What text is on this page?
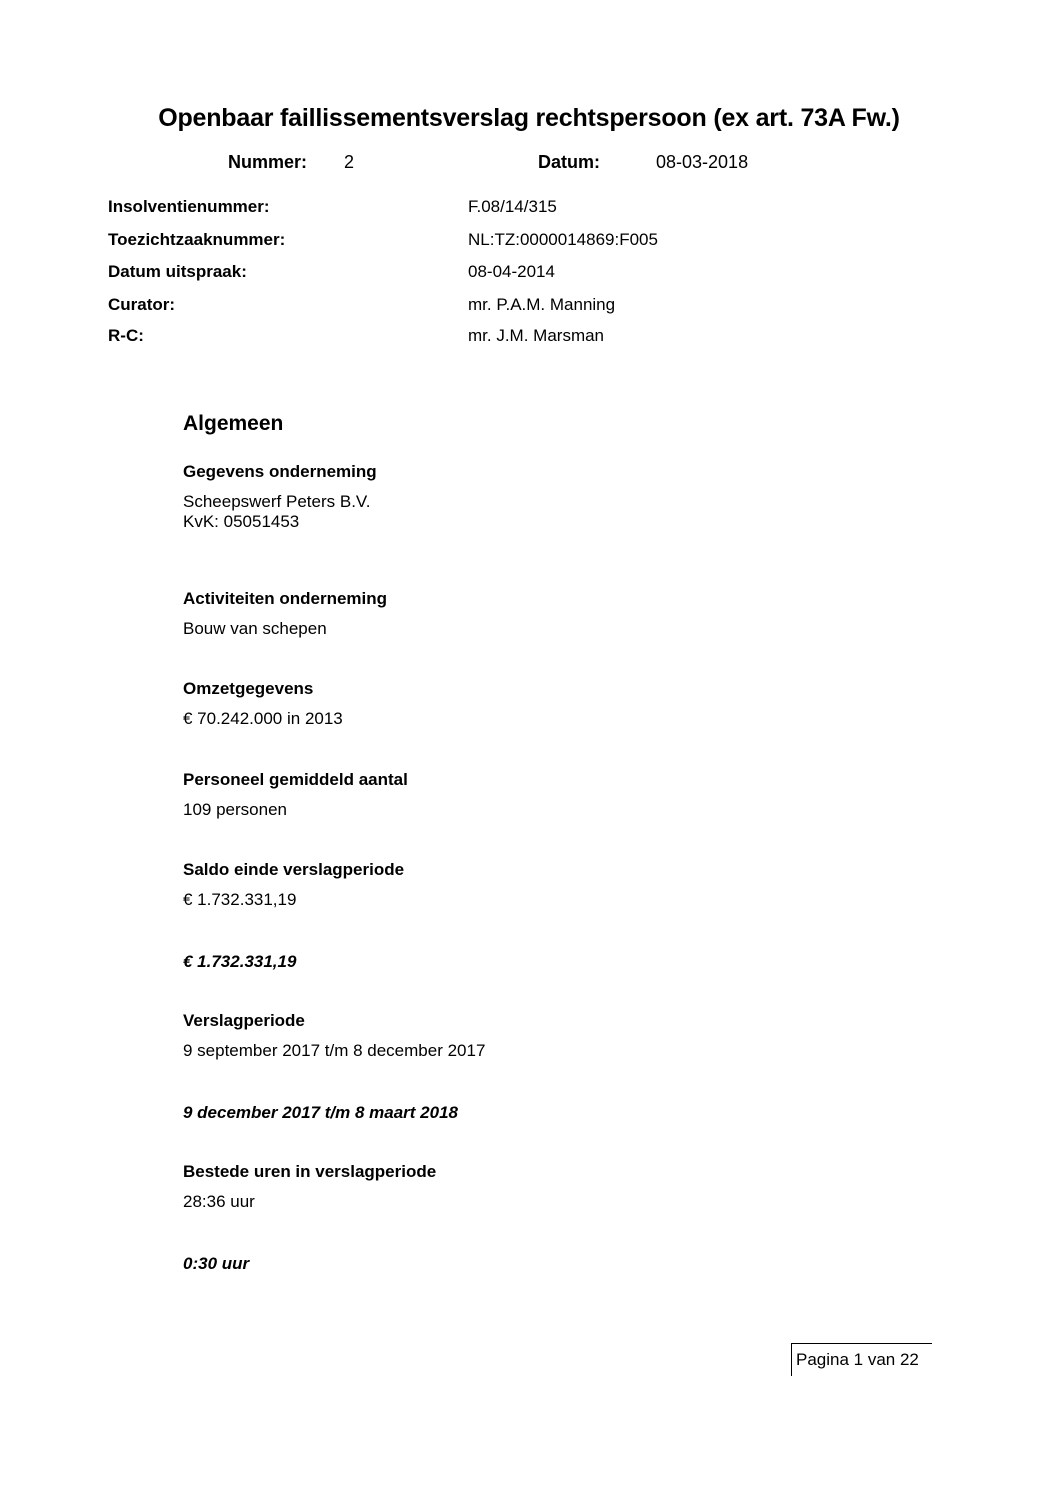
Openbaar faillissementsverslag rechtspersoon (ex art. 73A Fw.)
Nummer: 2	Datum:	08-03-2018
Insolventienummer:	F.08/14/315
Toezichtzaaknummer:	NL:TZ:0000014869:F005
Datum uitspraak:	08-04-2014
Curator:	mr. P.A.M. Manning
R-C:	mr. J.M. Marsman
Algemeen
Gegevens onderneming
Scheepswerf Peters B.V.
KvK: 05051453
Activiteiten onderneming
Bouw van schepen
Omzetgegevens
€ 70.242.000 in 2013
Personeel gemiddeld aantal
109 personen
Saldo einde verslagperiode
€ 1.732.331,19
€ 1.732.331,19
Verslagperiode
9 september 2017 t/m 8 december 2017
9 december 2017 t/m 8 maart 2018
Bestede uren in verslagperiode
28:36 uur
0:30 uur
Pagina 1 van 22
